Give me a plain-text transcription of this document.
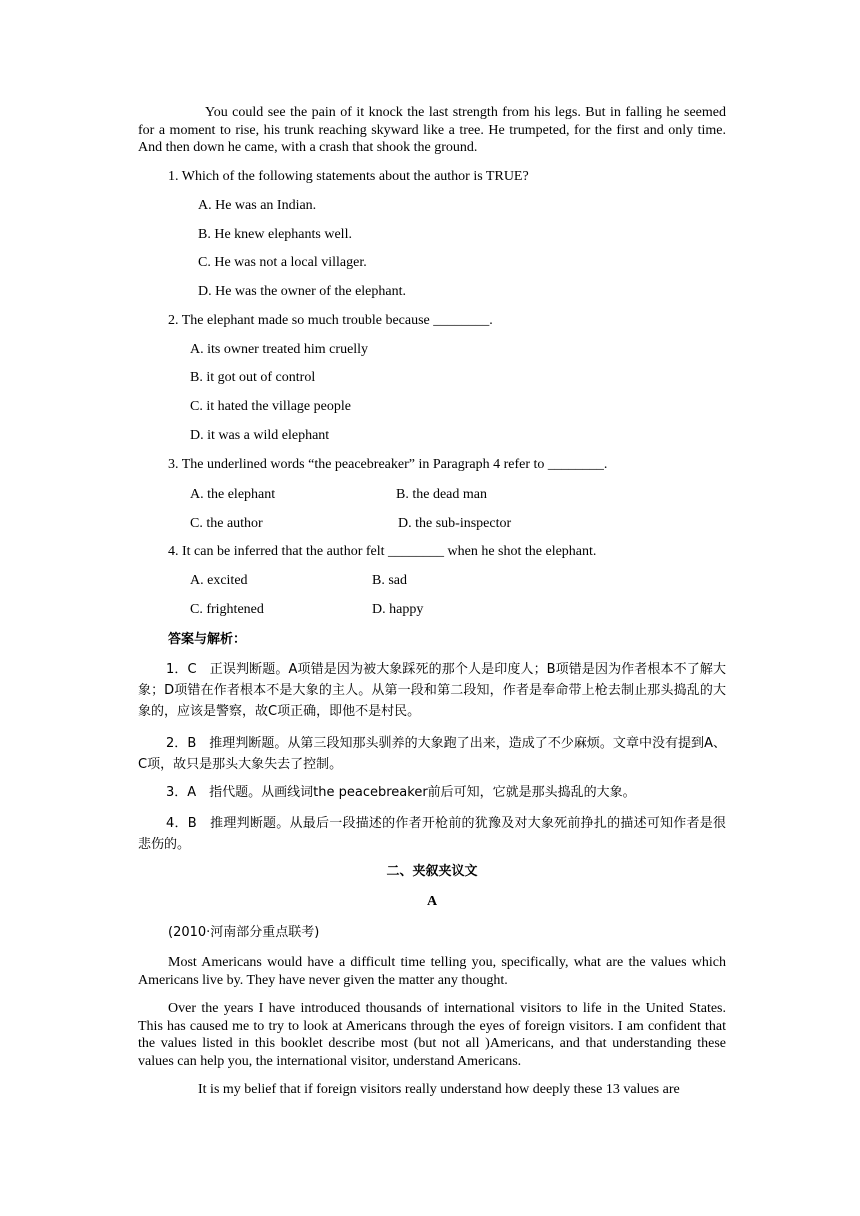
You could see the pain of it knock the last strength from his legs. But in falling he seemed for a moment to rise, his trunk reaching skyward like a tree. He trumpeted, for the first and only time. And then down he came, with a crash that shook the ground.
1. Which of the following statements about the author is TRUE?
A. He was an Indian.
B. He knew elephants well.
C. He was not a local villager.
D. He was the owner of the elephant.
2. The elephant made so much trouble because ________.
A. its owner treated him cruelly
B. it got out of control
C. it hated the village people
D. it was a wild elephant
3. The underlined words “the peacebreaker” in Paragraph 4 refer to ________.
A. the elephant	B. the dead man
C. the author	D. the sub-inspector
4. It can be inferred that the author felt ________ when he shot the elephant.
A. excited	B. sad
C. frightened	D. happy
答案与解析：
1．C　正误判断题。A项错是因为被大象踩死的那个人是印度人；B项错是因为作者根本不了解大象；D项错在作者根本不是大象的主人。从第一段和第二段知，作者是奉命带上枪去制止那头捣乱的大象的，应该是警察，故C项正确，即他不是村民。
2．B　推理判断题。从第三段知那头驯养的大象跑了出来，造成了不少麻烦。文章中没有提到A、C项，故只是那头大象失去了控制。
3．A　指代题。从画线词the peacebreaker前后可知，它就是那头捣乱的大象。
4．B　推理判断题。从最后一段描述的作者开枪前的犹豫及对大象死前挣扎的描述可知作者是很悲伤的。
二、夹叙夹议文
A
(2010·河南部分重点联考)
Most Americans would have a difficult time telling you, specifically, what are the values which Americans live by. They have never given the matter any thought.
Over the years I have introduced thousands of international visitors to life in the United States. This has caused me to try to look at Americans through the eyes of foreign visitors. I am confident that the values listed in this booklet describe most (but not all )Americans, and that understanding these values can help you, the international visitor, understand Americans.
It is my belief that if foreign visitors really understand how deeply these 13 values are
